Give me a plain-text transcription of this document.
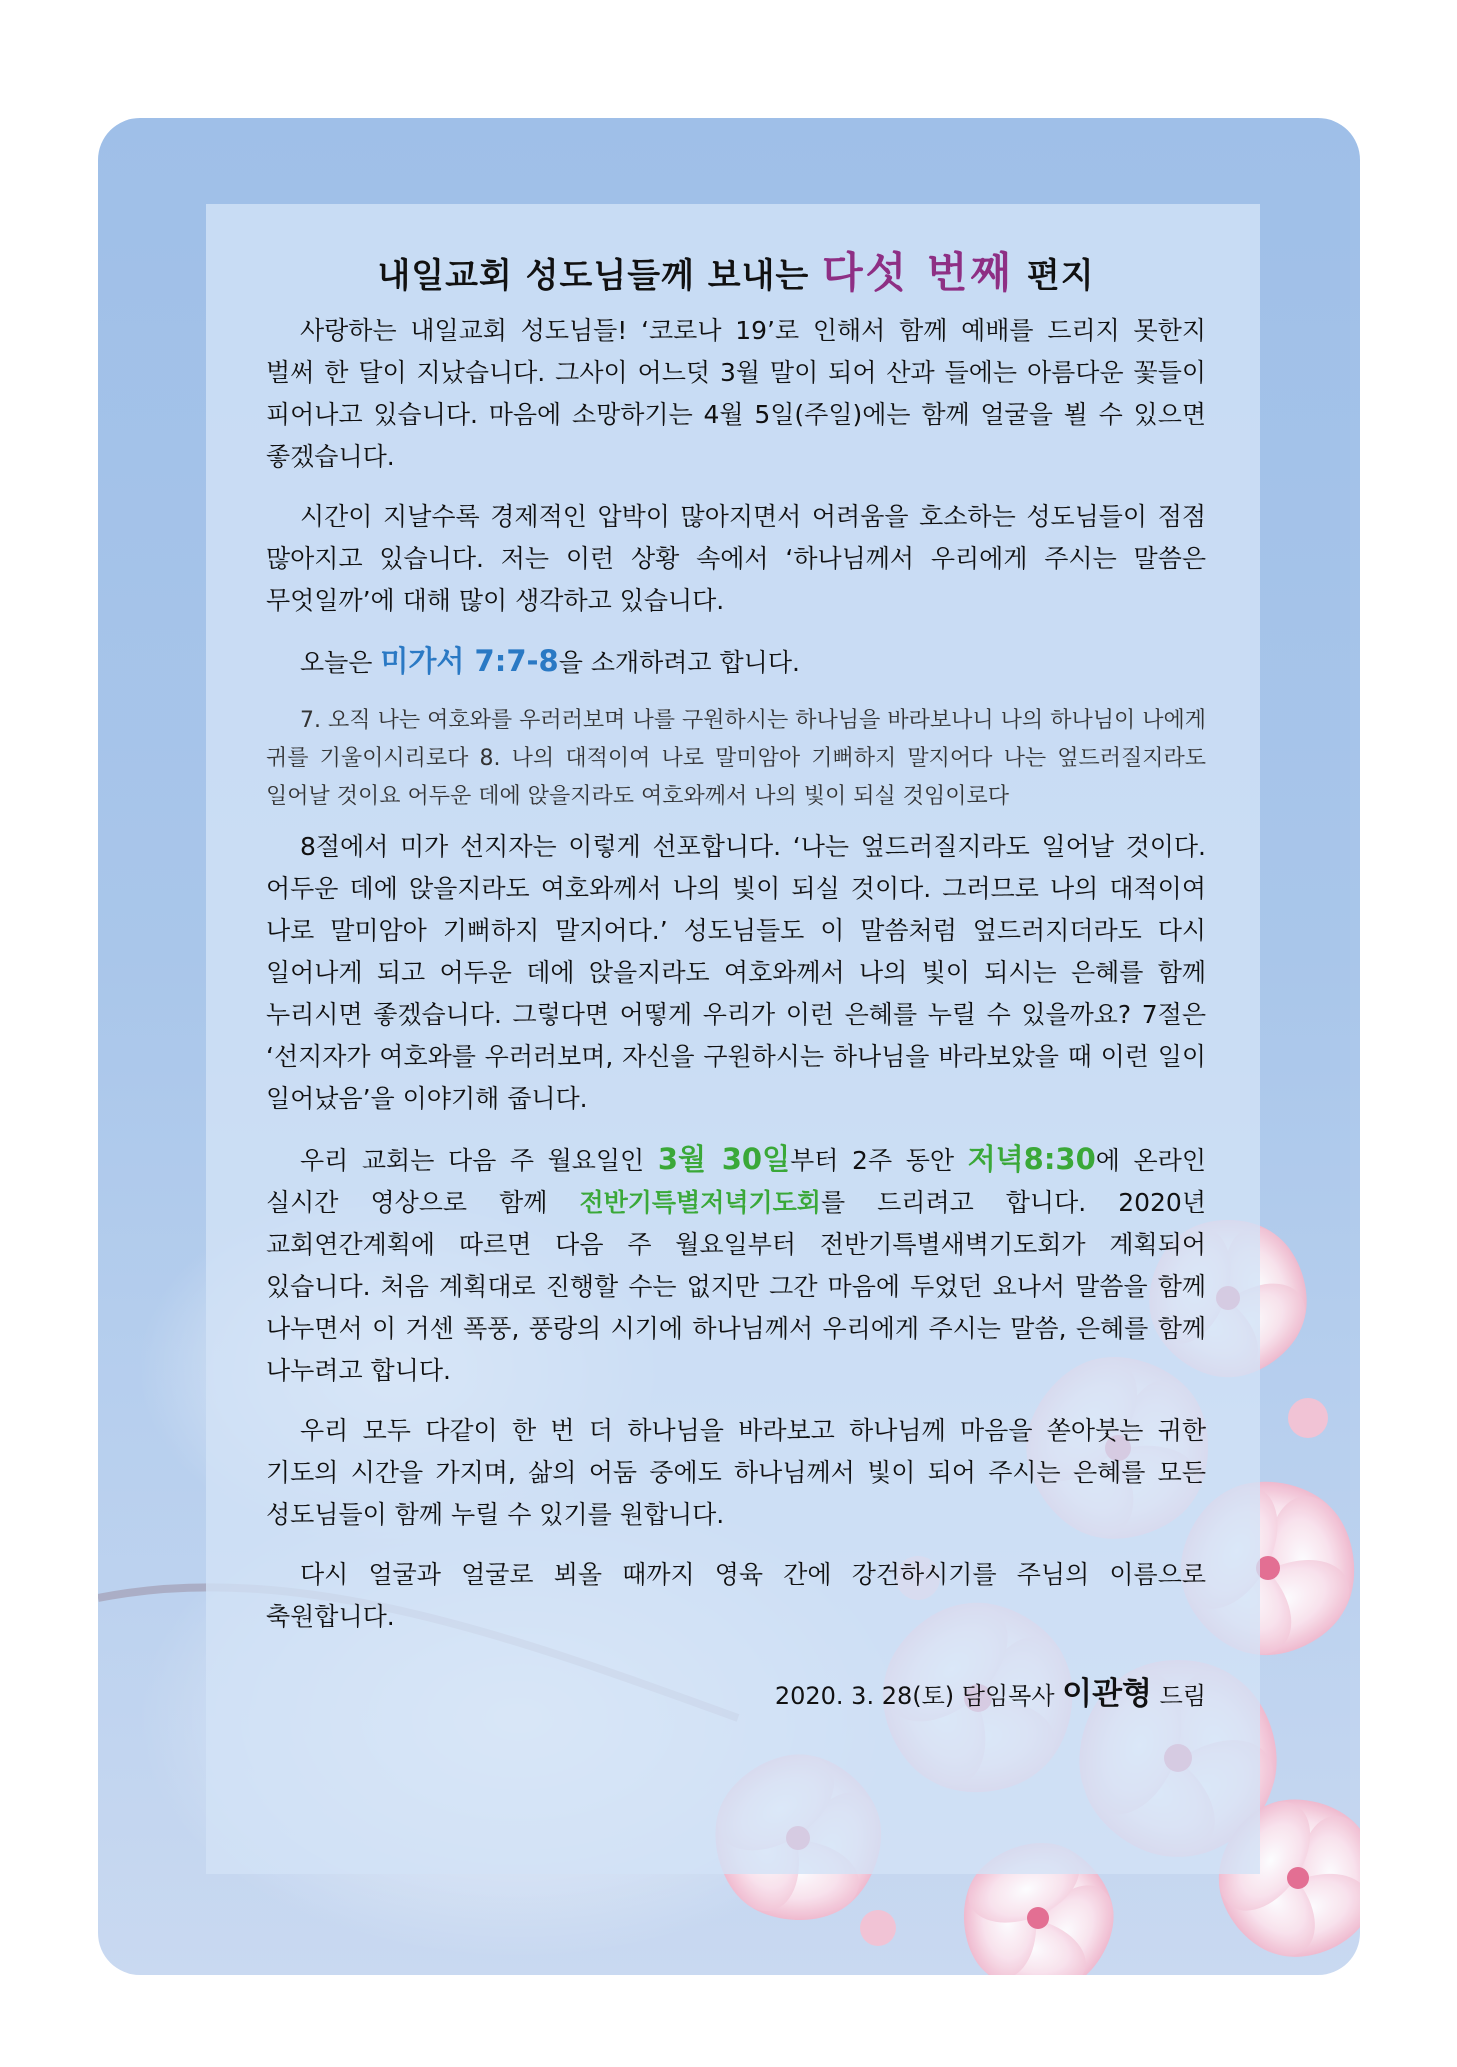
내일교회 성도님들께 보내는 다섯 번째 편지

사랑하는 내일교회 성도님들! ‘코로나 19’로 인해서 함께 예배를 드리지 못한지 벌써 한 달이 지났습니다. 그사이 어느덧 3월 말이 되어 산과 들에는 아름다운 꽃들이 피어나고 있습니다. 마음에 소망하기는 4월 5일(주일)에는 함께 얼굴을 뵐 수 있으면 좋겠습니다.

시간이 지날수록 경제적인 압박이 많아지면서 어려움을 호소하는 성도님들이 점점 많아지고 있습니다. 저는 이런 상황 속에서 ‘하나님께서 우리에게 주시는 말씀은 무엇일까’에 대해 많이 생각하고 있습니다.

오늘은 미가서 7:7-8을 소개하려고 합니다.

7. 오직 나는 여호와를 우러러보며 나를 구원하시는 하나님을 바라보나니 나의 하나님이 나에게 귀를 기울이시리로다 8. 나의 대적이여 나로 말미암아 기뻐하지 말지어다 나는 엎드러질지라도 일어날 것이요 어두운 데에 앉을지라도 여호와께서 나의 빛이 되실 것임이로다

8절에서 미가 선지자는 이렇게 선포합니다. ‘나는 엎드러질지라도 일어날 것이다. 어두운 데에 앉을지라도 여호와께서 나의 빛이 되실 것이다. 그러므로 나의 대적이여 나로 말미암아 기뻐하지 말지어다.’ 성도님들도 이 말씀처럼 엎드러지더라도 다시 일어나게 되고 어두운 데에 앉을지라도 여호와께서 나의 빛이 되시는 은혜를 함께 누리시면 좋겠습니다. 그렇다면 어떻게 우리가 이런 은혜를 누릴 수 있을까요? 7절은 ‘선지자가 여호와를 우러러보며, 자신을 구원하시는 하나님을 바라보았을 때 이런 일이 일어났음’을 이야기해 줍니다.

우리 교회는 다음 주 월요일인 3월 30일부터 2주 동안 저녁8:30에 온라인 실시간 영상으로 함께 전반기특별저녁기도회를 드리려고 합니다. 2020년 교회연간계획에 따르면 다음 주 월요일부터 전반기특별새벽기도회가 계획되어 있습니다. 처음 계획대로 진행할 수는 없지만 그간 마음에 두었던 요나서 말씀을 함께 나누면서 이 거센 폭풍, 풍랑의 시기에 하나님께서 우리에게 주시는 말씀, 은혜를 함께 나누려고 합니다.

우리 모두 다같이 한 번 더 하나님을 바라보고 하나님께 마음을 쏟아붓는 귀한 기도의 시간을 가지며, 삶의 어둠 중에도 하나님께서 빛이 되어 주시는 은혜를 모든 성도님들이 함께 누릴 수 있기를 원합니다.

다시 얼굴과 얼굴로 뵈올 때까지 영육 간에 강건하시기를 주님의 이름으로 축원합니다.

2020. 3. 28(토) 담임목사 이관형 드림
